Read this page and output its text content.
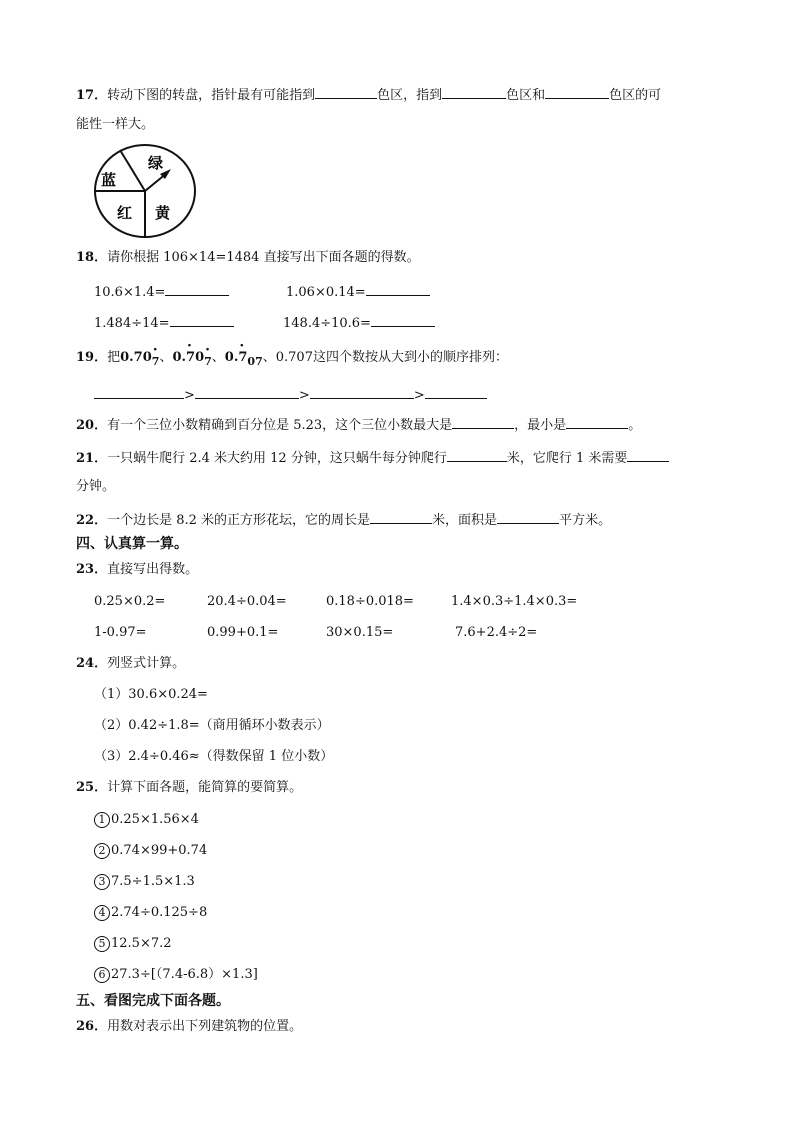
17．转动下图的转盘，指针最有可能指到	色区，指到	色区和	色区的可
能性一样大。
绿
蓝
红 黄
18．请你根据 106×14=1484 直接写出下面各题的得数。
10.6×1.4=	1.06×0.14=
1.484÷14=	148.4÷10.6=
19．把0.70· 7、0.· 70· 7、$0.\cdot 7_{07}$、0.707这四个数按从大到小的顺序排列：
>	>	>
20．有一个三位小数精确到百分位是 5.23，这个三位小数最大是	，最小是	。
21．一只蜗牛爬行 2.4 米大约用 12 分钟，这只蜗牛每分钟爬行	米，它爬行 1 米需要
分钟。
22．一个边长是 8.2 米的正方形花坛，它的周长是	米，面积是	平方米。
四、认真算一算。
23．直接写出得数。
0.25×0.2=	20.4÷0.04=	0.18÷0.018=	1.4×0.3÷1.4×0.3=
1-0.97=	0.99+0.1=	30×0.15=	7.6+2.4÷2=
24．列竖式计算。
（1）30.6×0.24=
（2）0.42÷1.8=（商用循环小数表示）
（3）2.4÷0.46≈（得数保留 1 位小数）
25．计算下面各题，能简算的要简算。
1 0.25×1.56×4
2 0.74×99+0.74
3 7.5÷1.5×1.3
4 2.74÷0.125÷8
5 12.5×7.2
6 27.3÷[（7.4-6.8）×1.3]
五、看图完成下面各题。
26．用数对表示出下列建筑物的位置。
